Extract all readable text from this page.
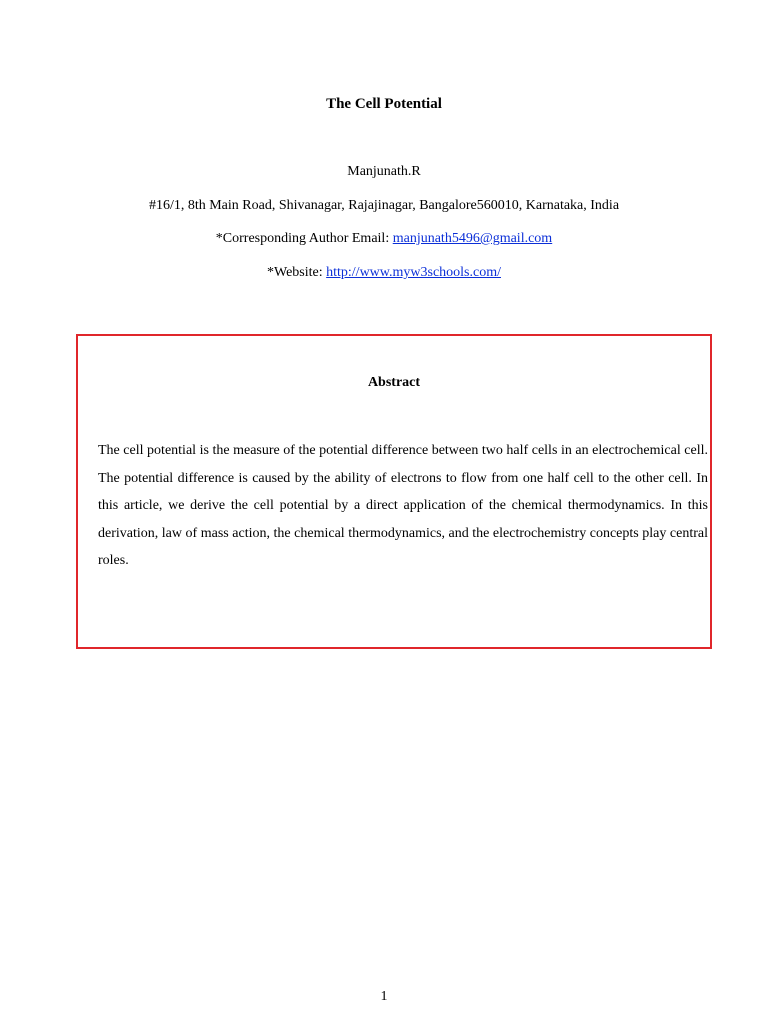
The Cell Potential
Manjunath.R
#16/1, 8th Main Road, Shivanagar, Rajajinagar, Bangalore560010, Karnataka, India
*Corresponding Author Email: manjunath5496@gmail.com
*Website: http://www.myw3schools.com/
Abstract
The cell potential is the measure of the potential difference between two half cells in an electrochemical cell. The potential difference is caused by the ability of electrons to flow from one half cell to the other cell. In this article, we derive the cell potential by a direct application of the chemical thermodynamics. In this derivation, law of mass action, the chemical thermodynamics, and the electrochemistry concepts play central roles.
1
